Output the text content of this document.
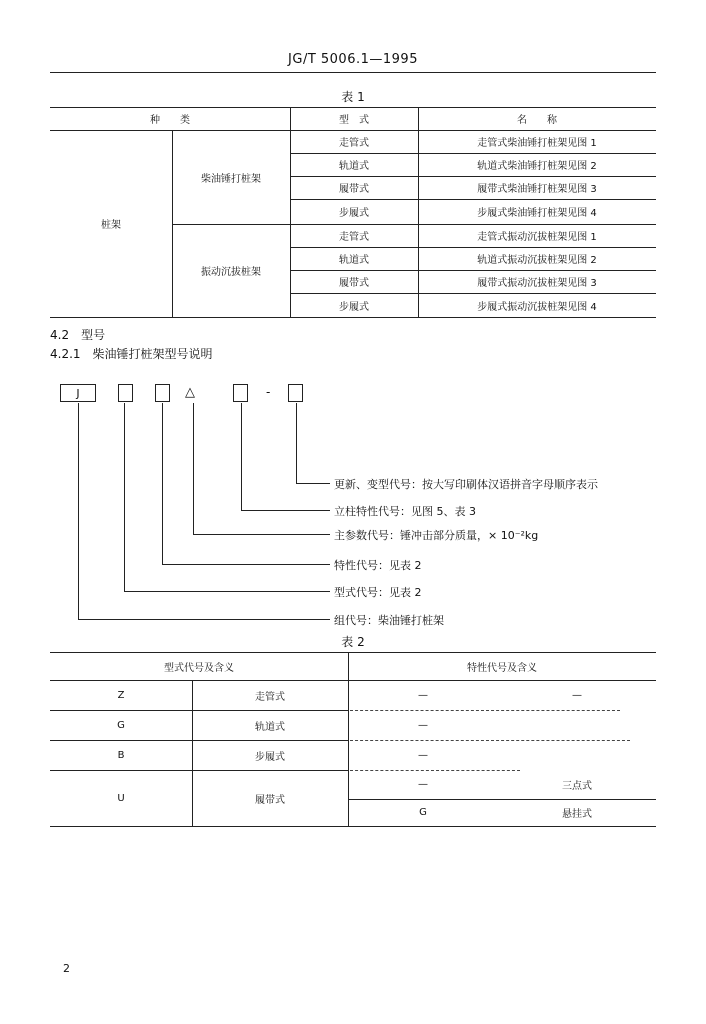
JG/T 5006.1—1995
表 1
种　　类	型　式	名　　称
桩架
柴油锤打桩架
振动沉拔桩架
走管式	走管式柴油锤打桩架见图 1
轨道式	轨道式柴油锤打桩架见图 2
履带式	履带式柴油锤打桩架见图 3
步履式	步履式柴油锤打桩架见图 4
走管式	走管式振动沉拔桩架见图 1
轨道式	轨道式振动沉拔桩架见图 2
履带式	履带式振动沉拔桩架见图 3
步履式	步履式振动沉拔桩架见图 4
4.2　型号
4.2.1　柴油锤打桩架型号说明
J	△	-
更新、变型代号：按大写印刷体汉语拼音字母顺序表示
立柱特性代号：见图 5、表 3
主参数代号：锤冲击部分质量，× 10⁻²kg
特性代号：见表 2
型式代号：见表 2
组代号：柴油锤打桩架
表 2
型式代号及含义	特性代号及含义
Z	走管式	—	—
G	轨道式	—
B	步履式	—
U	履带式
—	三点式
G	悬挂式
2
